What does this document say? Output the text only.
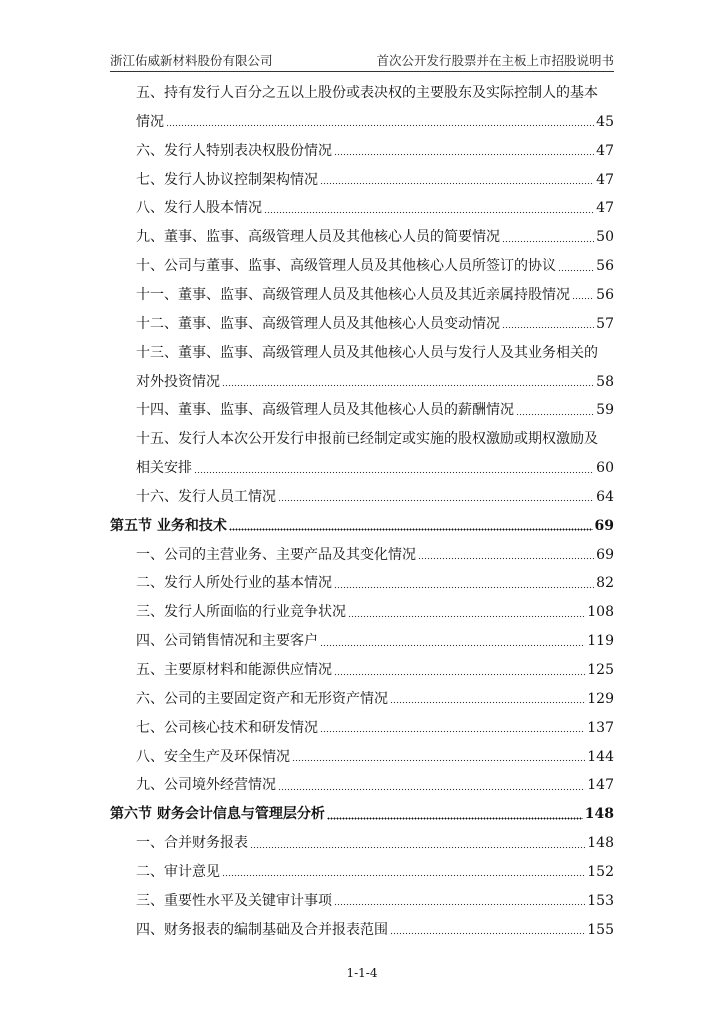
浙江佑威新材料股份有限公司	首次公开发行股票并在主板上市招股说明书
五、持有发行人百分之五以上股份或表决权的主要股东及实际控制人的基本
情况	45
六、发行人特别表决权股份情况	47
七、发行人协议控制架构情况	47
八、发行人股本情况	47
九、董事、监事、高级管理人员及其他核心人员的简要情况	50
十、公司与董事、监事、高级管理人员及其他核心人员所签订的协议	56
十一、董事、监事、高级管理人员及其他核心人员及其近亲属持股情况 56
十二、董事、监事、高级管理人员及其他核心人员变动情况	57
十三、董事、监事、高级管理人员及其他核心人员与发行人及其业务相关的
对外投资情况	58
十四、董事、监事、高级管理人员及其他核心人员的薪酬情况	59
十五、发行人本次公开发行申报前已经制定或实施的股权激励或期权激励及
相关安排	60
十六、发行人员工情况	64
第五节 业务和技术	69
一、公司的主营业务、主要产品及其变化情况	69
二、发行人所处行业的基本情况	82
三、发行人所面临的行业竞争状况	108
四、公司销售情况和主要客户	119
五、主要原材料和能源供应情况	125
六、公司的主要固定资产和无形资产情况	129
七、公司核心技术和研发情况	137
八、安全生产及环保情况	144
九、公司境外经营情况	147
第六节 财务会计信息与管理层分析	148
一、合并财务报表	148
二、审计意见	152
三、重要性水平及关键审计事项	153
四、财务报表的编制基础及合并报表范围	155
1-1-4
